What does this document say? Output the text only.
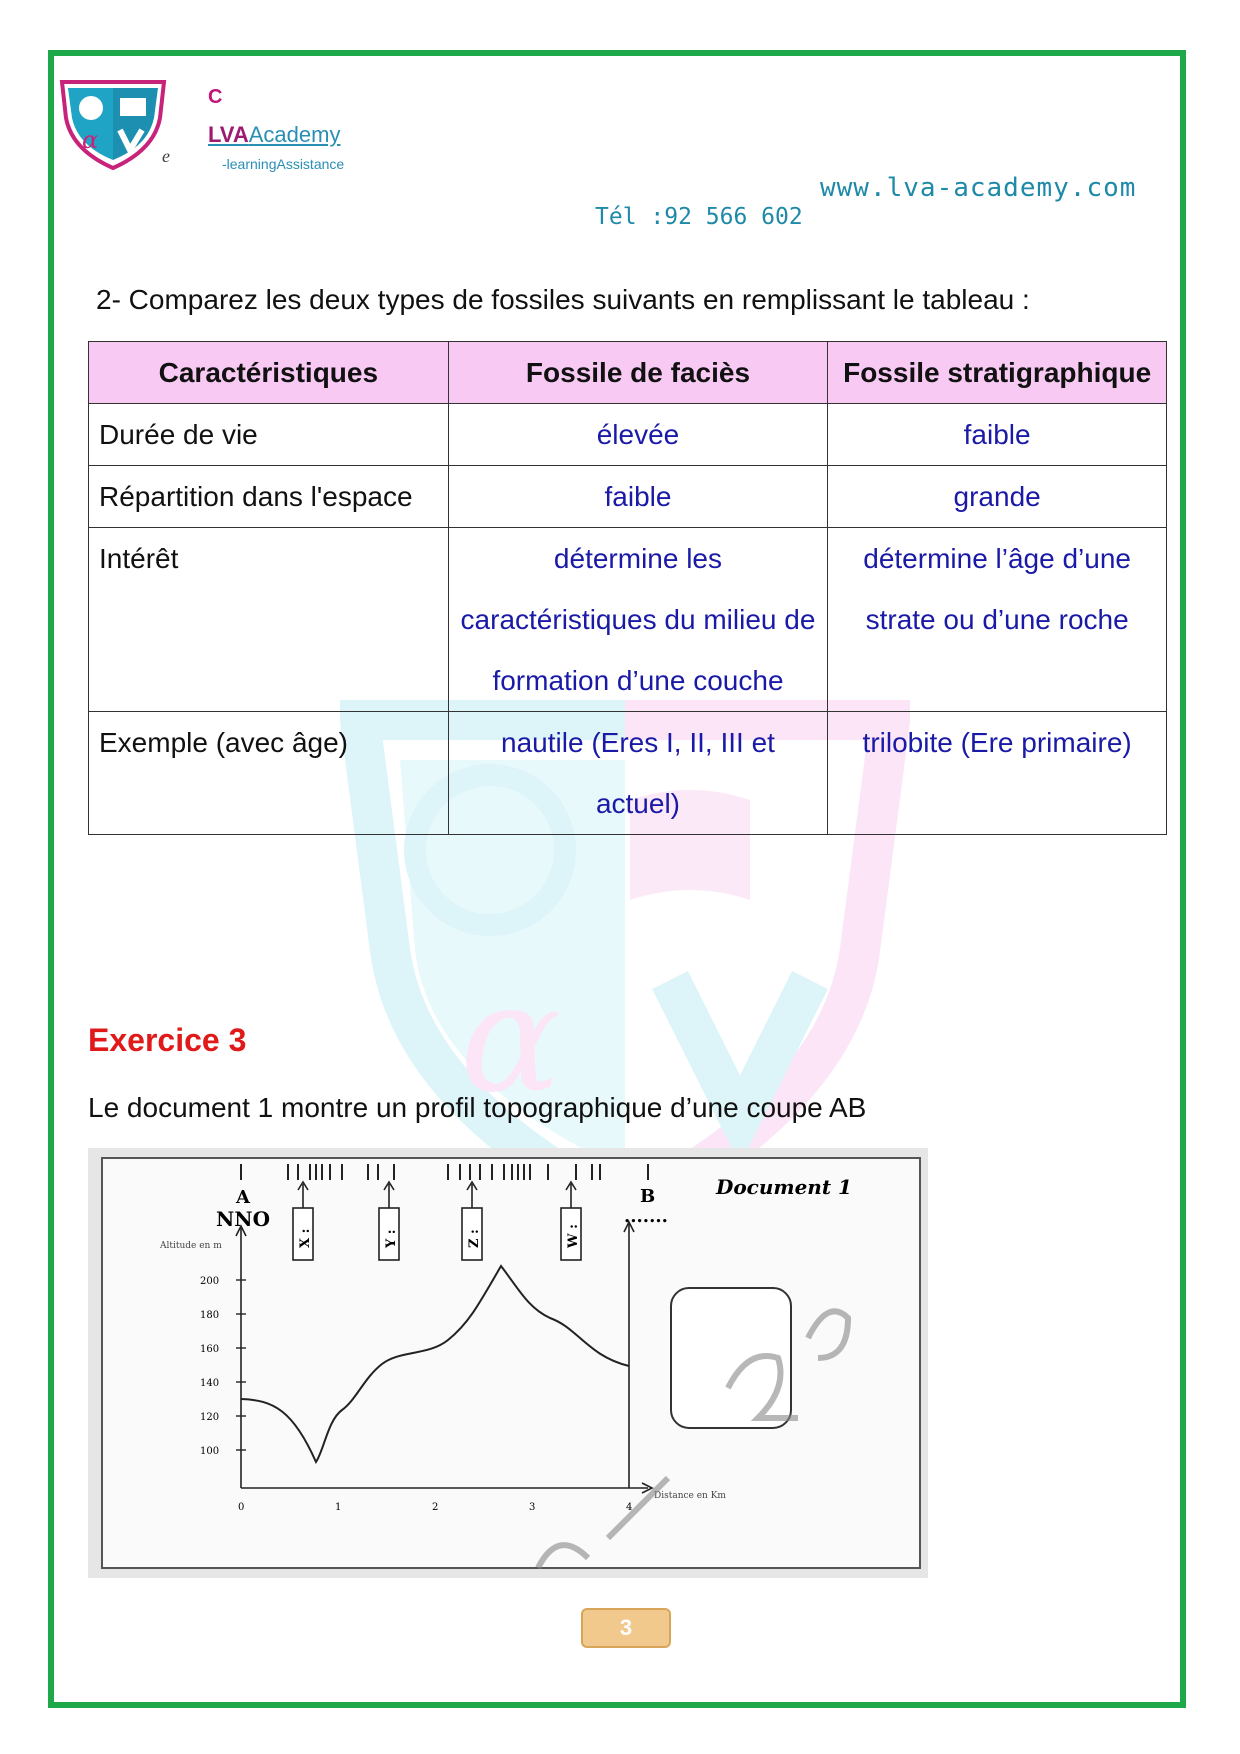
α
α
C
LVAAcademy
e	-learningAssistance
www.lva-academy.com
Tél :92 566 602
2- Comparez les deux types de fossiles suivants en remplissant le tableau :
Caractéristiques	Fossile de faciès	Fossile stratigraphique
Durée de vie	élevée	faible
Répartition dans l'espace	faible	grande
Intérêt	détermine les caractéristiques du milieu de formation d’une couche	détermine l’âge d’une strate ou d’une roche
Exemple (avec âge)	nautile (Eres I, II, III et actuel)	trilobite (Ere primaire)
Exercice 3
Le document 1 montre un profil topographique d’une coupe AB
A
NNO
B
.......
Document 1
X :	Y :	Z :	W :
Altitude en m
Distance en Km
200
180
160
140
120
100
0	1	2	3	4
3
